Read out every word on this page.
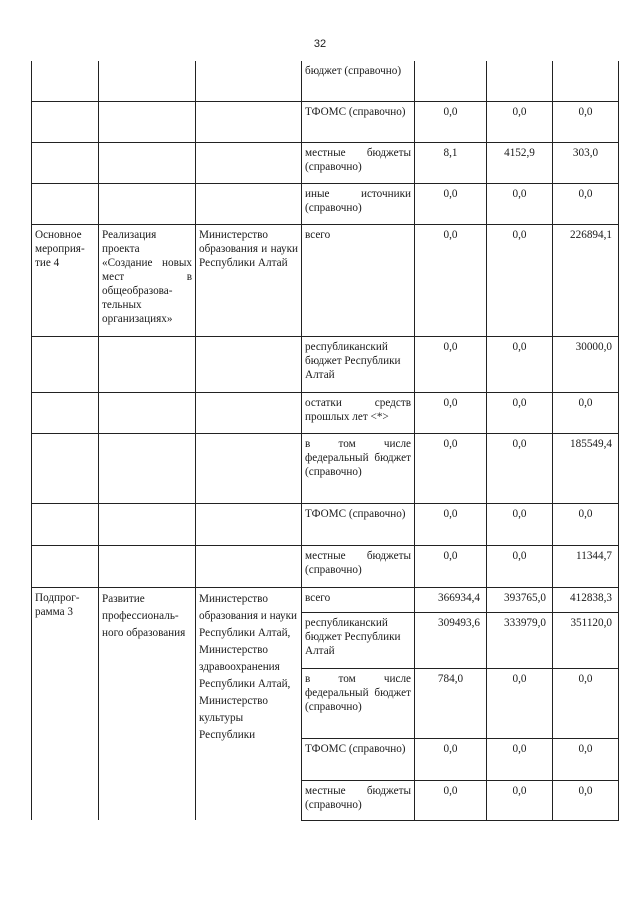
32
			бюджет (справочно)			
			ТФОМС (справочно)	0,0	0,0	0,0
			местные бюджеты (справочно)	8,1	4152,9	303,0
			иные источники (справочно)	0,0	0,0	0,0
Основное мероприя-тие 4	Реализация проекта «Создание новых мест в общеобразова-тельных организациях»	Министерство образования и науки Республики Алтай	всего	0,0	0,0	226894,1
			республиканский бюджет Республики Алтай	0,0	0,0	30000,0
			остатки средств прошлых лет <*>	0,0	0,0	0,0
			в том числе федеральный бюджет (справочно)	0,0	0,0	185549,4
			ТФОМС (справочно)	0,0	0,0	0,0
			местные бюджеты (справочно)	0,0	0,0	11344,7
Подпрог-рамма 3	Развитие профессиональ-ного образования	Министерство образования и науки Республики Алтай, Министерство здравоохранения Республики Алтай, Министерство культуры Республики	всего	366934,4	393765,0	412838,3
			республиканский бюджет Республики Алтай	309493,6	333979,0	351120,0
			в том числе федеральный бюджет (справочно)	784,0	0,0	0,0
			ТФОМС (справочно)	0,0	0,0	0,0
			местные бюджеты (справочно)	0,0	0,0	0,0
